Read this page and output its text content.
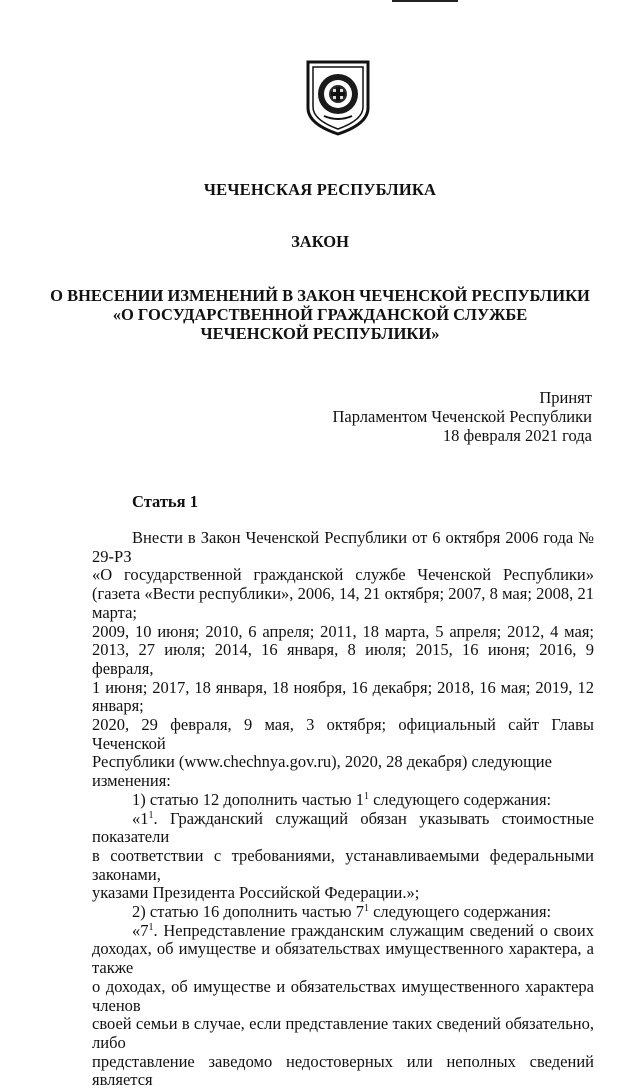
ЧЕЧЕНСКАЯ РЕСПУБЛИКА
ЗАКОН
О ВНЕСЕНИИ ИЗМЕНЕНИЙ В ЗАКОН ЧЕЧЕНСКОЙ РЕСПУБЛИКИ
«О ГОСУДАРСТВЕННОЙ ГРАЖДАНСКОЙ СЛУЖБЕ
ЧЕЧЕНСКОЙ РЕСПУБЛИКИ»
Принят
Парламентом Чеченской Республики
18 февраля 2021 года
Статья 1
Внести в Закон Чеченской Республики от 6 октября 2006 года № 29-РЗ
«О государственной гражданской службе Чеченской Республики»
(газета «Вести республики», 2006, 14, 21 октября; 2007, 8 мая; 2008, 21 марта;
2009, 10 июня; 2010, 6 апреля; 2011, 18 марта, 5 апреля; 2012, 4 мая;
2013, 27 июля; 2014, 16 января, 8 июля; 2015, 16 июня; 2016, 9 февраля,
1 июня; 2017, 18 января, 18 ноября, 16 декабря; 2018, 16 мая; 2019, 12 января;
2020, 29 февраля, 9 мая, 3 октября; официальный сайт Главы Чеченской
Республики (www.chechnya.gov.ru), 2020, 28 декабря) следующие изменения:
1) статью 12 дополнить частью $1^1$ следующего содержания:
«$1^1$. Гражданский служащий обязан указывать стоимостные показатели
в соответствии с требованиями, устанавливаемыми федеральными законами,
указами Президента Российской Федерации.»;
2) статью 16 дополнить частью $7^1$ следующего содержания:
«$7^1$. Непредставление гражданским служащим сведений о своих
доходах, об имуществе и обязательствах имущественного характера, а также
о доходах, об имуществе и обязательствах имущественного характера членов
своей семьи в случае, если представление таких сведений обязательно, либо
представление заведомо недостоверных или неполных сведений является
